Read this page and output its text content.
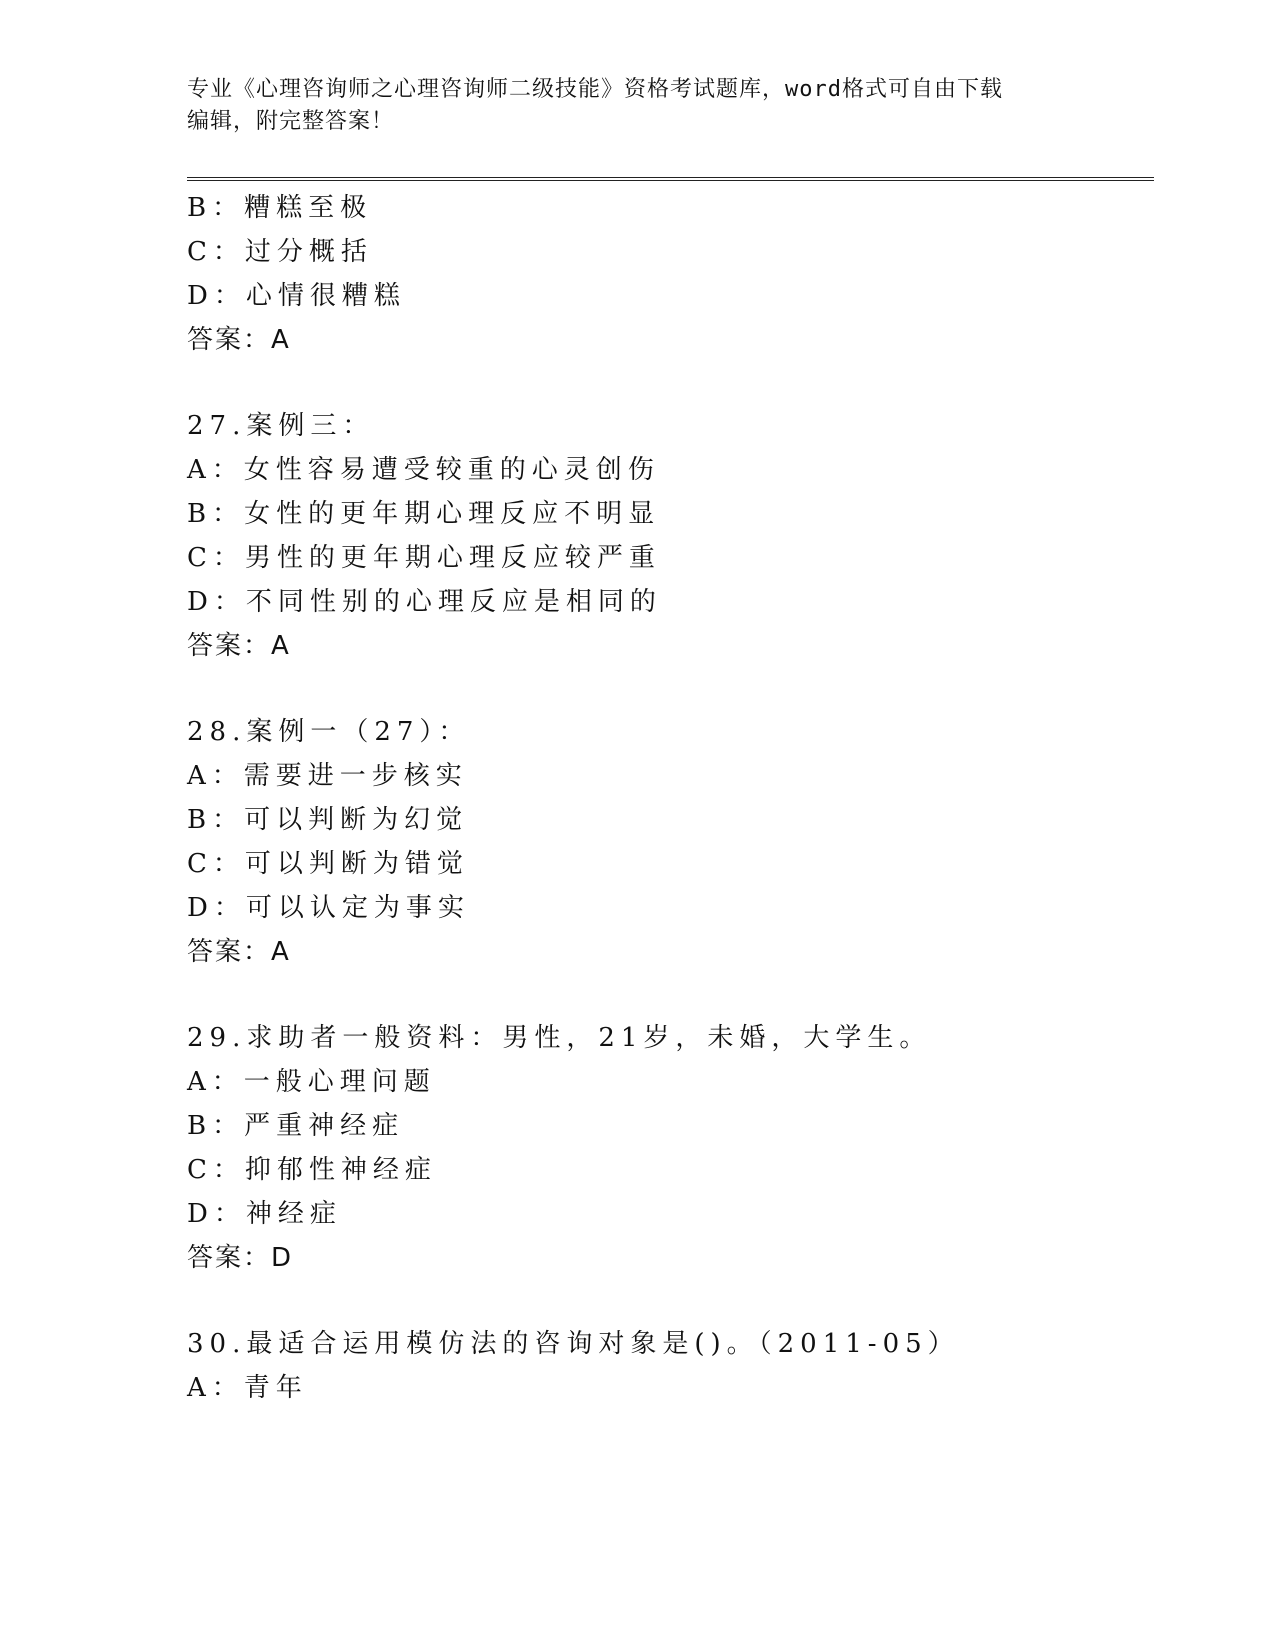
专业《心理咨询师之心理咨询师二级技能》资格考试题库，word格式可自由下载
编辑，附完整答案！
B：糟糕至极
C：过分概括
D：心情很糟糕
答案：A
27.案例三：
A：女性容易遭受较重的心灵创伤
B：女性的更年期心理反应不明显
C：男性的更年期心理反应较严重
D：不同性别的心理反应是相同的
答案：A
28.案例一（27）：
A：需要进一步核实
B：可以判断为幻觉
C：可以判断为错觉
D：可以认定为事实
答案：A
29.求助者一般资料：男性，21岁，未婚，大学生。
A：一般心理问题
B：严重神经症
C：抑郁性神经症
D：神经症
答案：D
30.最适合运用模仿法的咨询对象是()。（2011-05）
A：青年
